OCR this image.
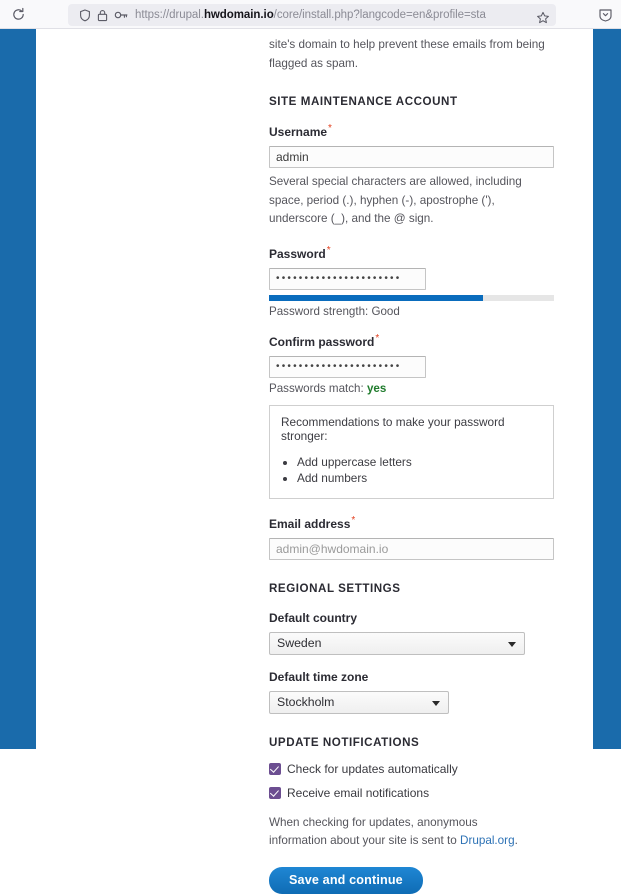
https://drupal.hwdomain.io/core/install.php?langcode=en&profile=sta

site's domain to help prevent these emails from being flagged as spam.

SITE MAINTENANCE ACCOUNT
Username*
admin

Several special characters are allowed, including space, period (.), hyphen (-), apostrophe ('), underscore (_), and the @ sign.

Password*
••••••••••••••••••••••
Password strength: Good
Confirm password*
••••••••••••••••••••••
Passwords match: yes

Recommendations to make your password stronger:

• Add uppercase letters
• Add numbers
Email address*
admin@hwdomain.io
REGIONAL SETTINGS
Default country
Sweden
Default time zone
Stockholm
UPDATE NOTIFICATIONS
Check for updates automatically
Receive email notifications

When checking for updates, anonymous information about your site is sent to Drupal.org.

Save and continue
